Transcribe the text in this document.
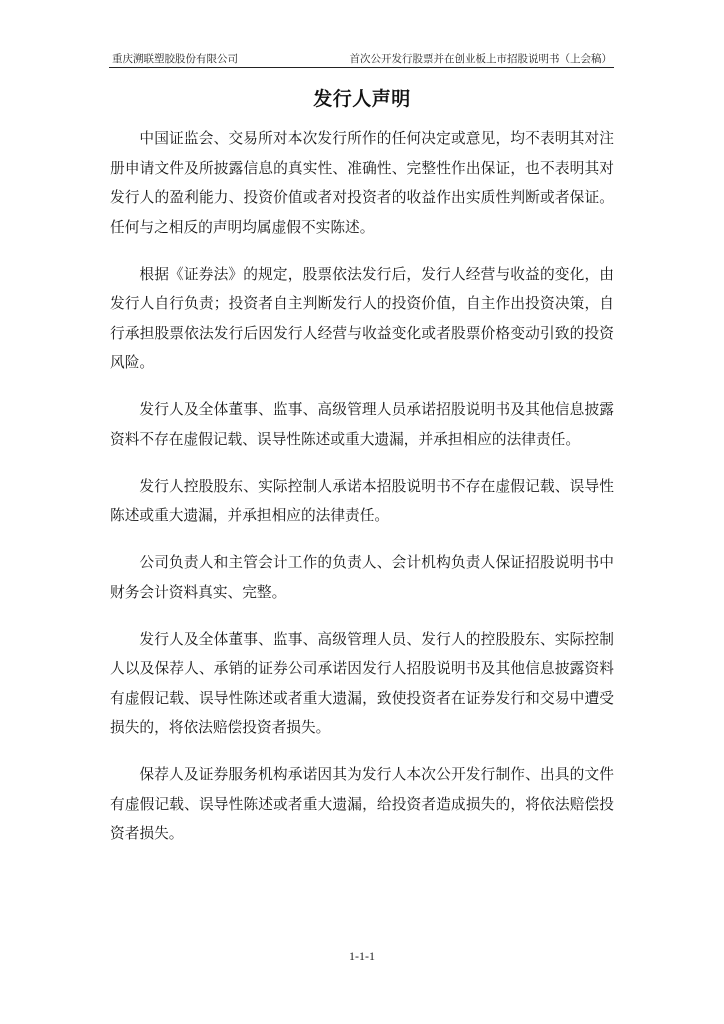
重庆溯联塑胶股份有限公司	首次公开发行股票并在创业板上市招股说明书（上会稿）
发行人声明

中国证监会、交易所对本次发行所作的任何决定或意见，均不表明其对注册申请文件及所披露信息的真实性、准确性、完整性作出保证，也不表明其对发行人的盈利能力、投资价值或者对投资者的收益作出实质性判断或者保证。任何与之相反的声明均属虚假不实陈述。

根据《证券法》的规定，股票依法发行后，发行人经营与收益的变化，由发行人自行负责；投资者自主判断发行人的投资价值，自主作出投资决策，自行承担股票依法发行后因发行人经营与收益变化或者股票价格变动引致的投资风险。

发行人及全体董事、监事、高级管理人员承诺招股说明书及其他信息披露资料不存在虚假记载、误导性陈述或重大遗漏，并承担相应的法律责任。

发行人控股股东、实际控制人承诺本招股说明书不存在虚假记载、误导性陈述或重大遗漏，并承担相应的法律责任。

公司负责人和主管会计工作的负责人、会计机构负责人保证招股说明书中财务会计资料真实、完整。

发行人及全体董事、监事、高级管理人员、发行人的控股股东、实际控制人以及保荐人、承销的证券公司承诺因发行人招股说明书及其他信息披露资料有虚假记载、误导性陈述或者重大遗漏，致使投资者在证券发行和交易中遭受损失的，将依法赔偿投资者损失。

保荐人及证券服务机构承诺因其为发行人本次公开发行制作、出具的文件有虚假记载、误导性陈述或者重大遗漏，给投资者造成损失的，将依法赔偿投资者损失。

1-1-1
